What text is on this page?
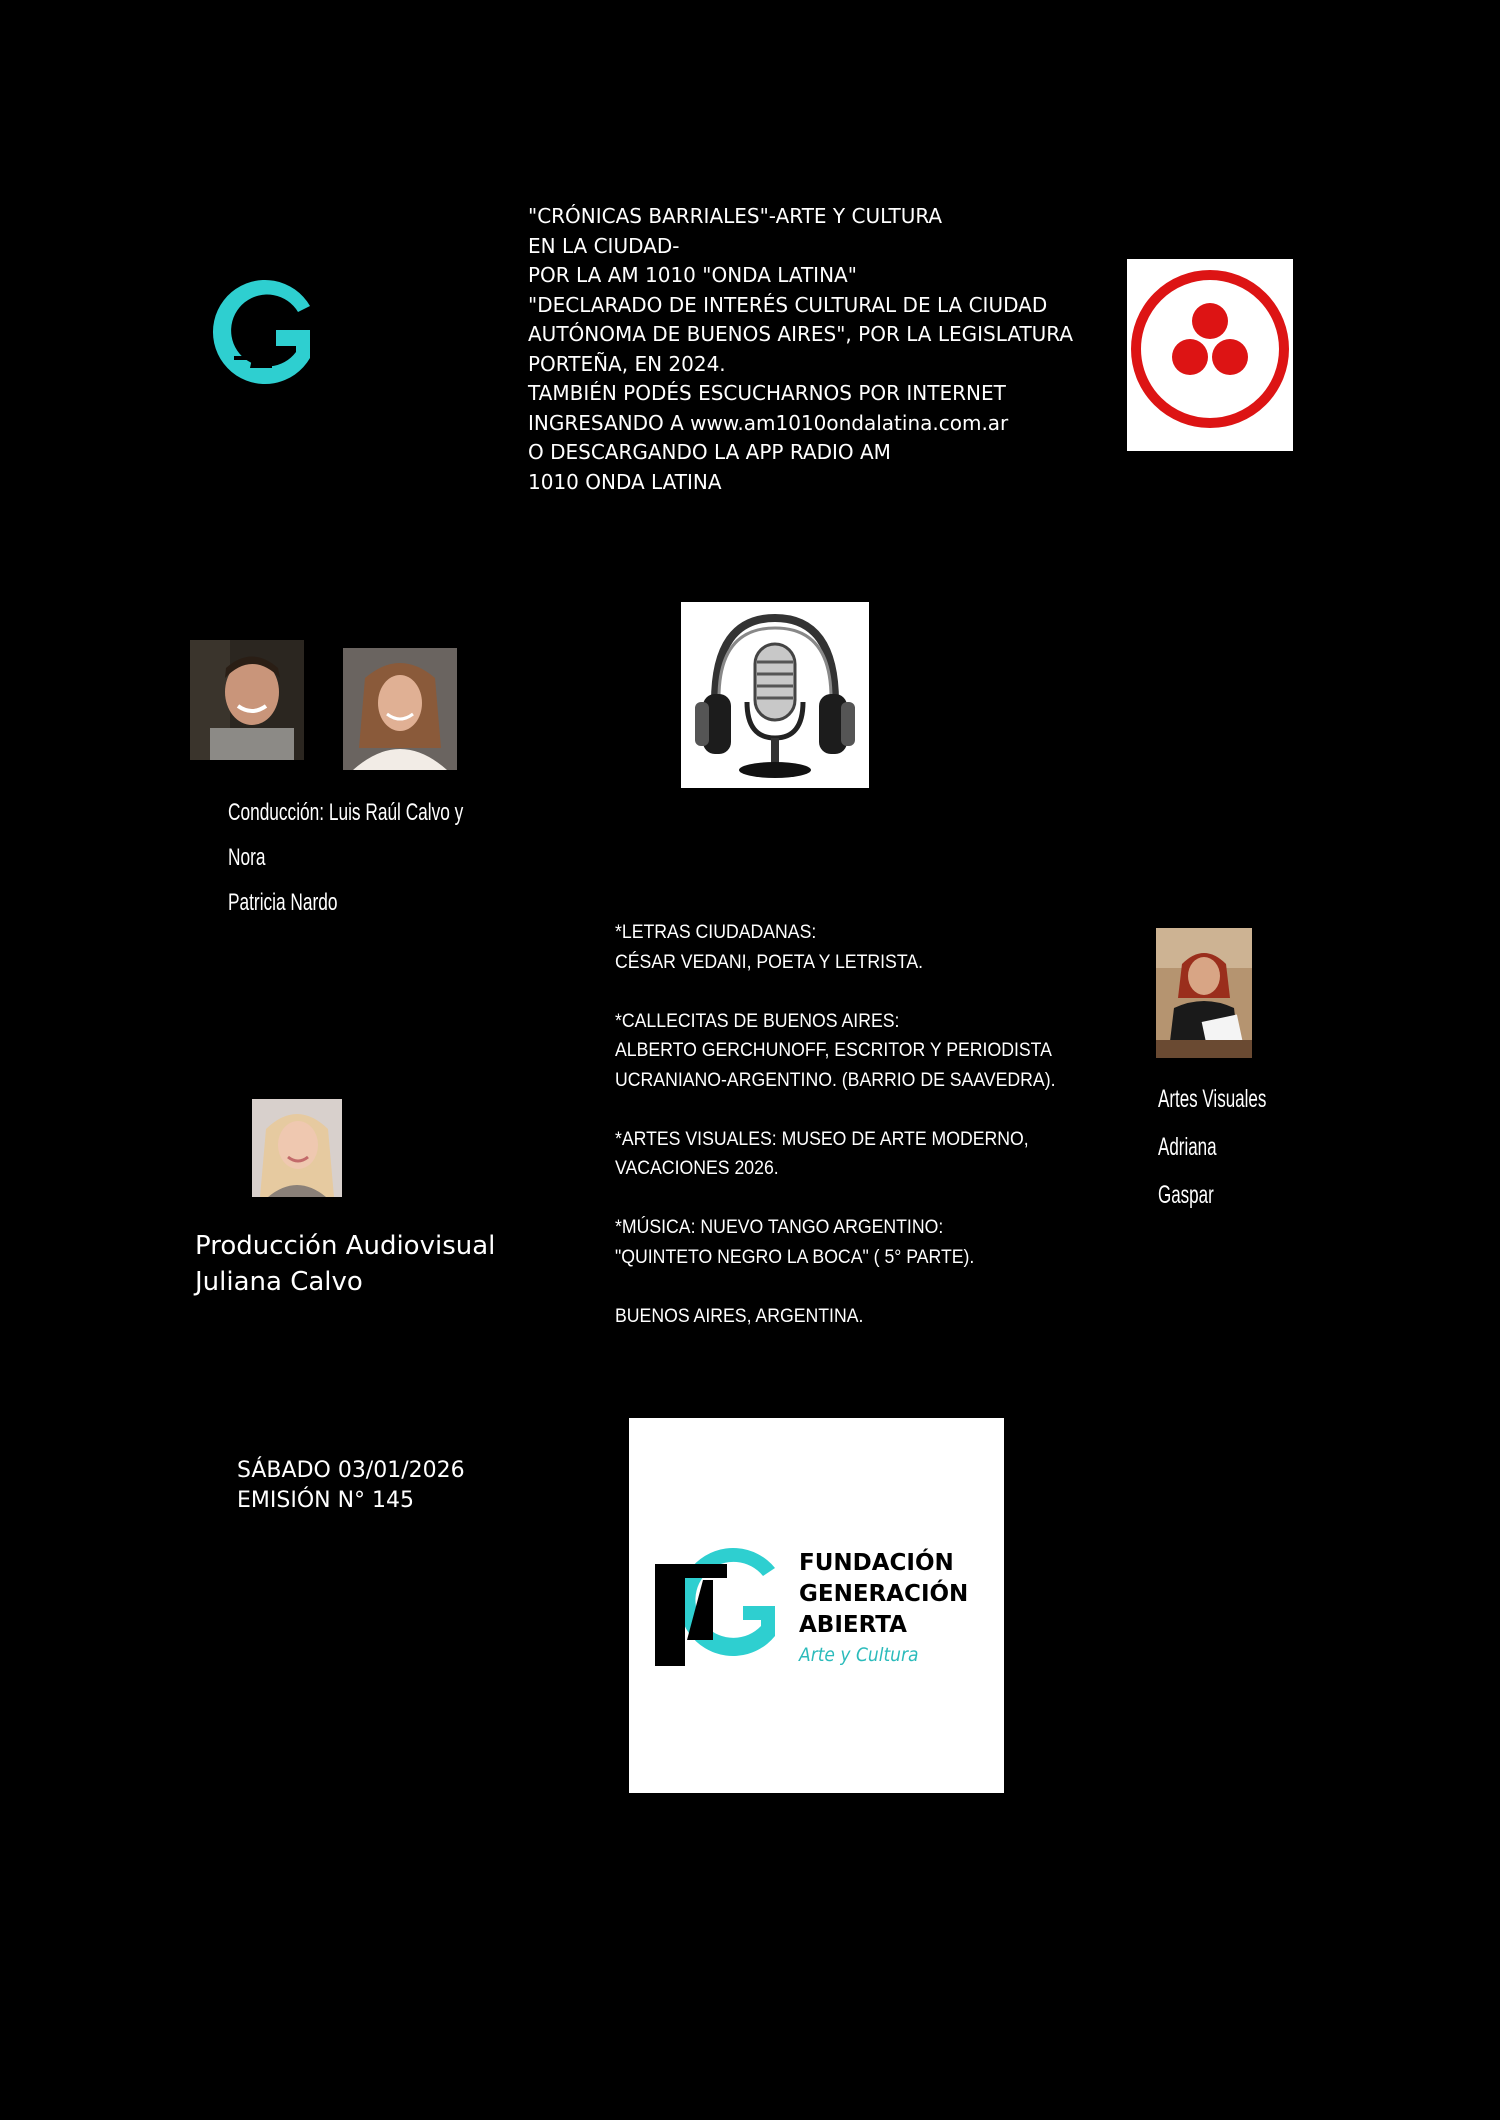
"CRÓNICAS BARRIALES"-ARTE Y CULTURA
EN LA CIUDAD-
POR LA AM 1010 "ONDA LATINA"
"DECLARADO DE INTERÉS CULTURAL DE LA CIUDAD
AUTÓNOMA DE BUENOS AIRES", POR LA LEGISLATURA
PORTEÑA, EN 2024.
TAMBIÉN PODÉS ESCUCHARNOS POR INTERNET
INGRESANDO A www.am1010ondalatina.com.ar
O DESCARGANDO LA APP RADIO AM
1010 ONDA LATINA
Conducción: Luis Raúl Calvo y Nora
Patricia Nardo
*LETRAS CIUDADANAS:
CÉSAR VEDANI, POETA Y LETRISTA.

*CALLECITAS DE BUENOS AIRES:
ALBERTO GERCHUNOFF, ESCRITOR Y PERIODISTA
UCRANIANO-ARGENTINO. (BARRIO DE SAAVEDRA).

*ARTES VISUALES: MUSEO DE ARTE MODERNO,
VACACIONES 2026.

*MÚSICA: NUEVO TANGO ARGENTINO:
"QUINTETO NEGRO LA BOCA" ( 5° PARTE).

BUENOS AIRES, ARGENTINA.
Artes Visuales
Adriana Gaspar
Producción Audiovisual
Juliana Calvo
SÁBADO 03/01/2026
EMISIÓN N° 145
FUNDACIÓN
GENERACIÓN
ABIERTA
Arte y Cultura
